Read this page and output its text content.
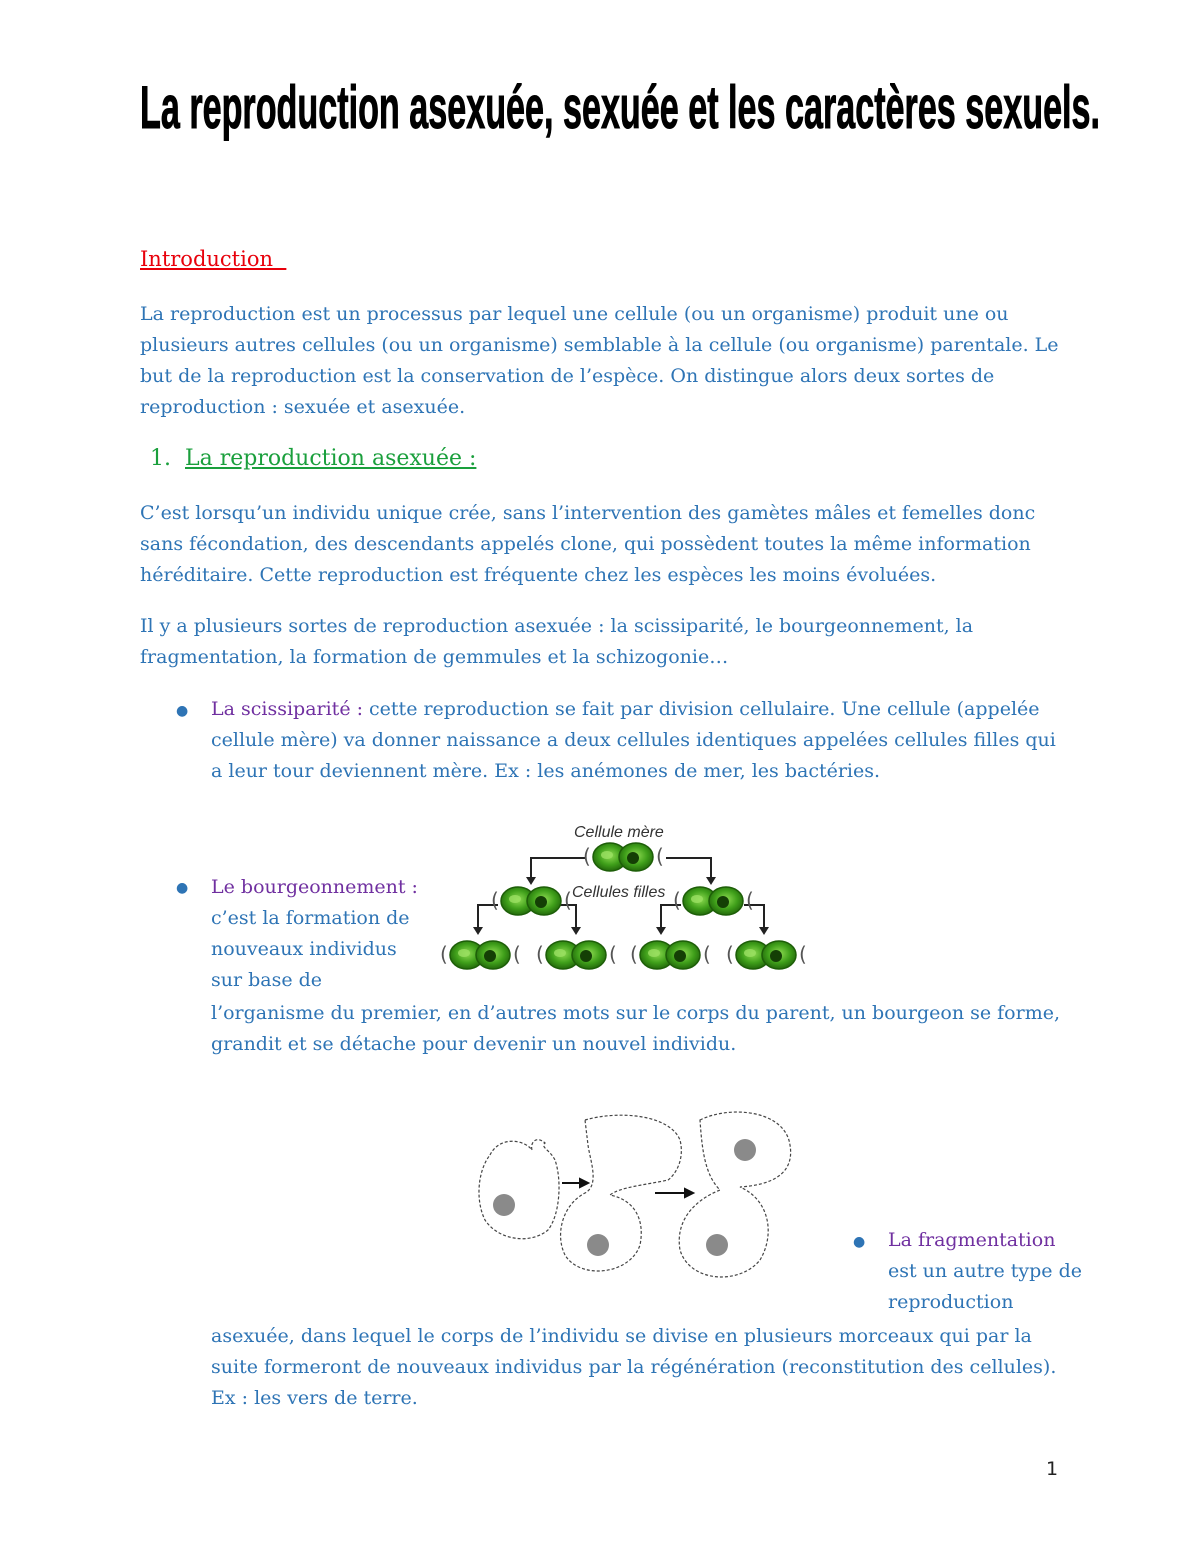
La reproduction asexuée, sexuée et les caractères sexuels.
Introduction
La reproduction est un processus par lequel une cellule (ou un organisme) produit une ou plusieurs autres cellules (ou un organisme) semblable à la cellule (ou organisme) parentale. Le but de la reproduction est la conservation de l’espèce. On distingue alors deux sortes de reproduction : sexuée et asexuée.
1. La reproduction asexuée :
C’est lorsqu’un individu unique crée, sans l’intervention des gamètes mâles et femelles donc sans fécondation, des descendants appelés clone, qui possèdent toutes la même information héréditaire. Cette reproduction est fréquente chez les espèces les moins évoluées.
Il y a plusieurs sortes de reproduction asexuée : la scissiparité, le bourgeonnement, la fragmentation, la formation de gemmules et la schizogonie…
● La scissiparité : cette reproduction se fait par division cellulaire. Une cellule (appelée cellule mère) va donner naissance a deux cellules identiques appelées cellules filles qui a leur tour deviennent mère. Ex : les anémones de mer, les bactéries.
(	(
Cellule mère
Cellules filles
● Le bourgeonnement : c’est la formation de nouveaux individus sur base de
l’organisme du premier, en d’autres mots sur le corps du parent, un bourgeon se forme, grandit et se détache pour devenir un nouvel individu.
● La fragmentation est un autre type de reproduction
asexuée, dans lequel le corps de l’individu se divise en plusieurs morceaux qui par la suite formeront de nouveaux individus par la régénération (reconstitution des cellules). Ex : les vers de terre.
1
